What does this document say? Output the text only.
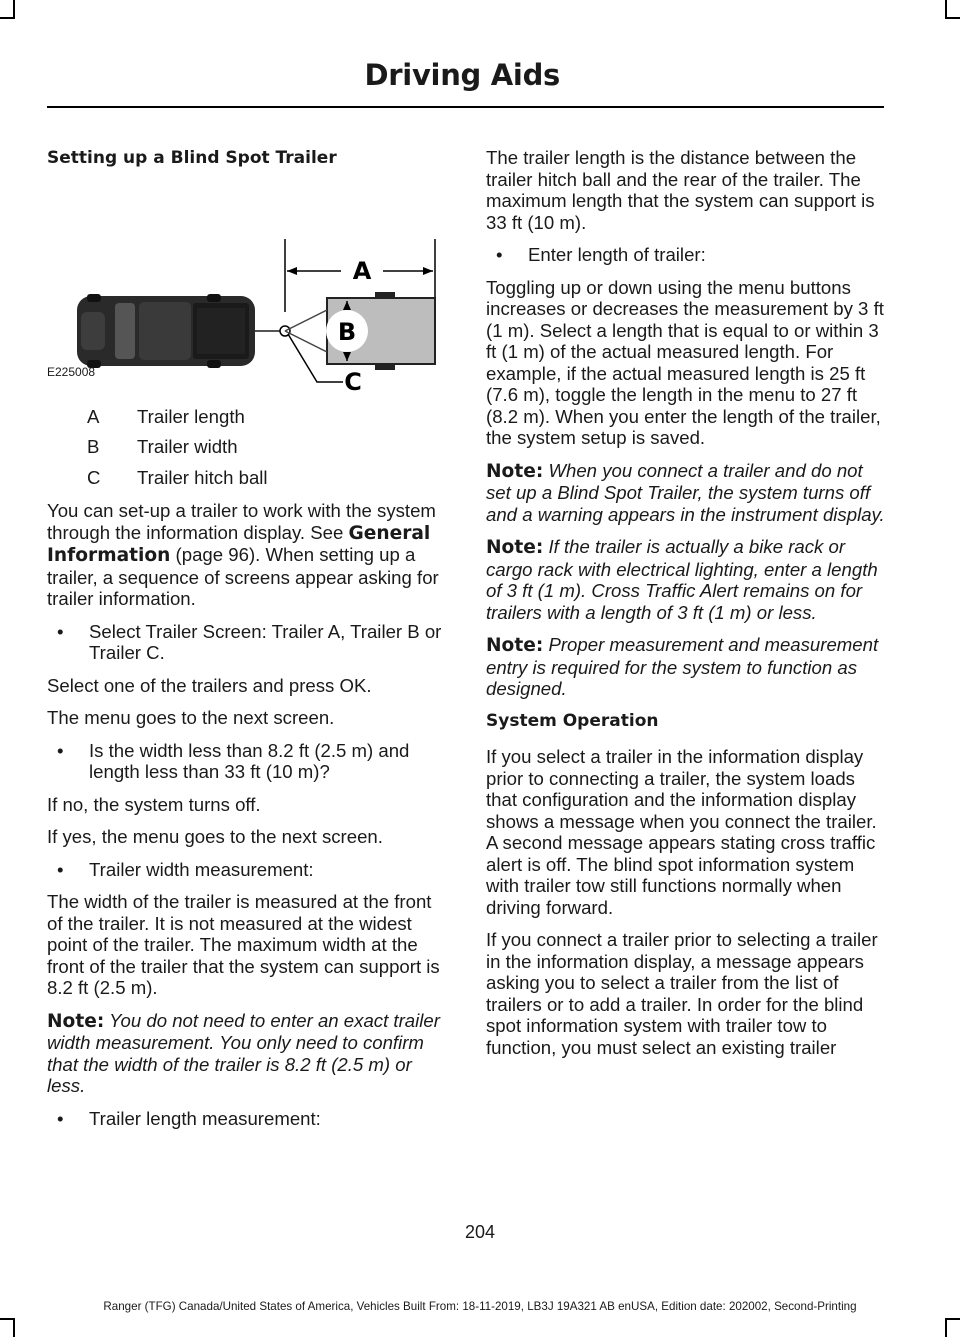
Driving Aids
Setting up a Blind Spot Trailer
A
B
C
E225008
A	Trailer length
B	Trailer width
C	Trailer hitch ball

You can set-up a trailer to work with the system through the information display. See General Information (page 96). When setting up a trailer, a sequence of screens appear asking for trailer information.

• Select Trailer Screen: Trailer A, Trailer B or Trailer C.

Select one of the trailers and press OK.

The menu goes to the next screen.

• Is the width less than 8.2 ft (2.5 m) and length less than 33 ft (10 m)?

If no, the system turns off.

If yes, the menu goes to the next screen.

• Trailer width measurement:

The width of the trailer is measured at the front of the trailer. It is not measured at the widest point of the trailer. The maximum width at the front of the trailer that the system can support is 8.2 ft (2.5 m).

Note: You do not need to enter an exact trailer width measurement. You only need to confirm that the width of the trailer is 8.2 ft (2.5 m) or less.

• Trailer length measurement:

The trailer length is the distance between the trailer hitch ball and the rear of the trailer. The maximum length that the system can support is 33 ft (10 m).

• Enter length of trailer:

Toggling up or down using the menu buttons increases or decreases the measurement by 3 ft (1 m). Select a length that is equal to or within 3 ft (1 m) of the actual measured length. For example, if the actual measured length is 25 ft (7.6 m), toggle the length in the menu to 27 ft (8.2 m). When you enter the length of the trailer, the system setup is saved.

Note: When you connect a trailer and do not set up a Blind Spot Trailer, the system turns off and a warning appears in the instrument display.

Note: If the trailer is actually a bike rack or cargo rack with electrical lighting, enter a length of 3 ft (1 m). Cross Traffic Alert remains on for trailers with a length of 3 ft (1 m) or less.

Note: Proper measurement and measurement entry is required for the system to function as designed.

System Operation

If you select a trailer in the information display prior to connecting a trailer, the system loads that configuration and the information display shows a message when you connect the trailer. A second message appears stating cross traffic alert is off. The blind spot information system with trailer tow still functions normally when driving forward.

If you connect a trailer prior to selecting a trailer in the information display, a message appears asking you to select a trailer from the list of trailers or to add a trailer. In order for the blind spot information system with trailer tow to function, you must select an existing trailer

204
Ranger (TFG) Canada/United States of America, Vehicles Built From: 18-11-2019, LB3J 19A321 AB enUSA, Edition date: 202002, Second-Printing
